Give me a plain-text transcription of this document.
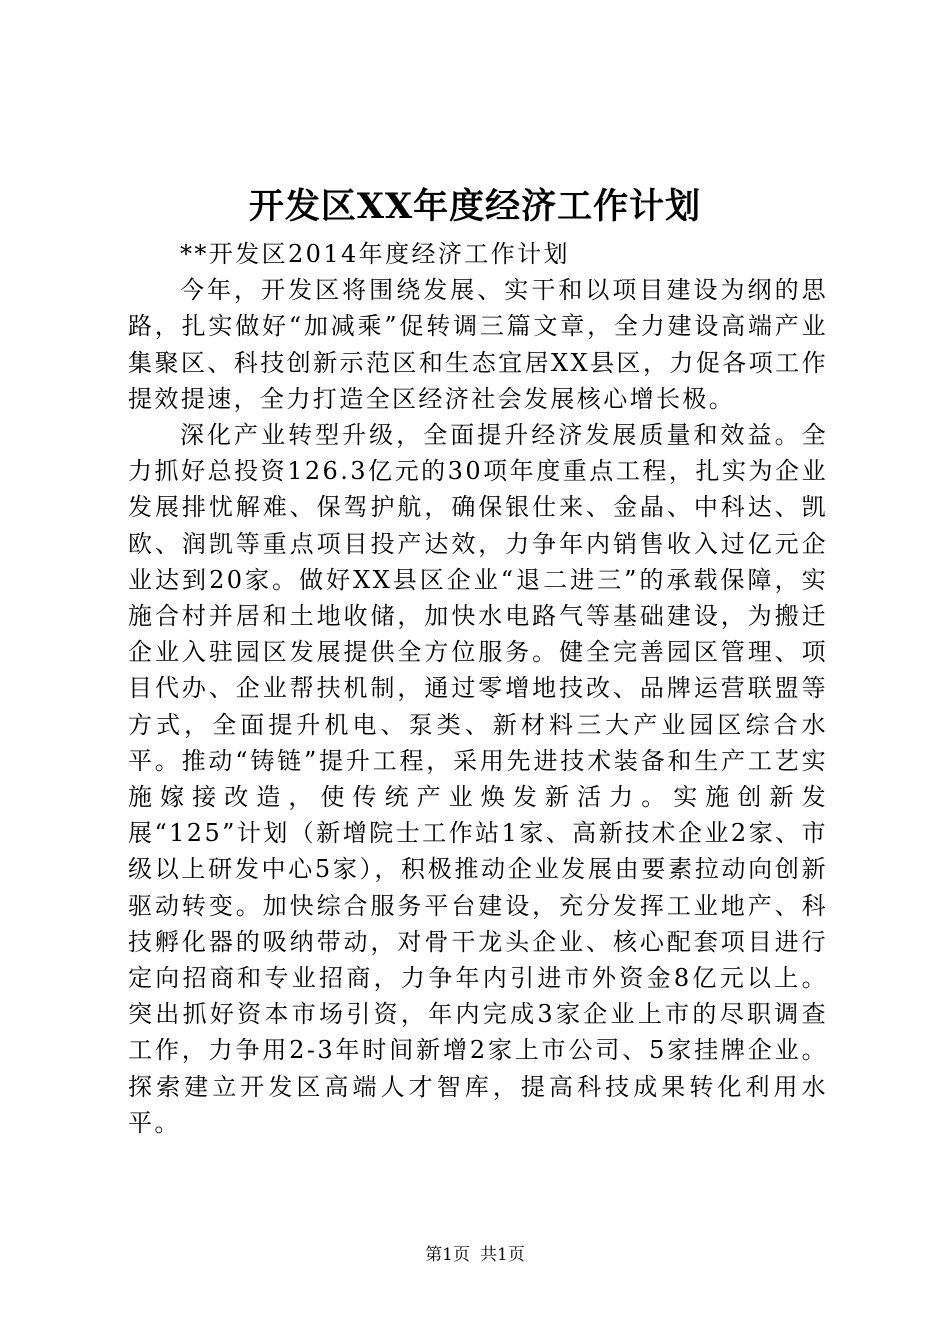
开发区XX年度经济工作计划

**开发区2014年度经济工作计划

今年，开发区将围绕发展、实干和以项目建设为纲的思路，扎实做好“加减乘”促转调三篇文章，全力建设高端产业集聚区、科技创新示范区和生态宜居XX县区，力促各项工作提效提速，全力打造全区经济社会发展核心增长极。

深化产业转型升级，全面提升经济发展质量和效益。全力抓好总投资126.3亿元的30项年度重点工程，扎实为企业发展排忧解难、保驾护航，确保银仕来、金晶、中科达、凯欧、润凯等重点项目投产达效，力争年内销售收入过亿元企业达到20家。做好XX县区企业“退二进三”的承载保障，实施合村并居和土地收储，加快水电路气等基础建设，为搬迁企业入驻园区发展提供全方位服务。健全完善园区管理、项目代办、企业帮扶机制，通过零增地技改、品牌运营联盟等方式，全面提升机电、泵类、新材料三大产业园区综合水平。推动“铸链”提升工程，采用先进技术装备和生产工艺实施嫁接改造，使传统产业焕发新活力。实施创新发展“125”计划（新增院士工作站1家、高新技术企业2家、市级以上研发中心5家），积极推动企业发展由要素拉动向创新驱动转变。加快综合服务平台建设，充分发挥工业地产、科技孵化器的吸纳带动，对骨干龙头企业、核心配套项目进行定向招商和专业招商，力争年内引进市外资金8亿元以上。突出抓好资本市场引资，年内完成3家企业上市的尽职调查工作，力争用2-3年时间新增2家上市公司、5家挂牌企业。探索建立开发区高端人才智库，提高科技成果转化利用水平。

第1页 共1页
